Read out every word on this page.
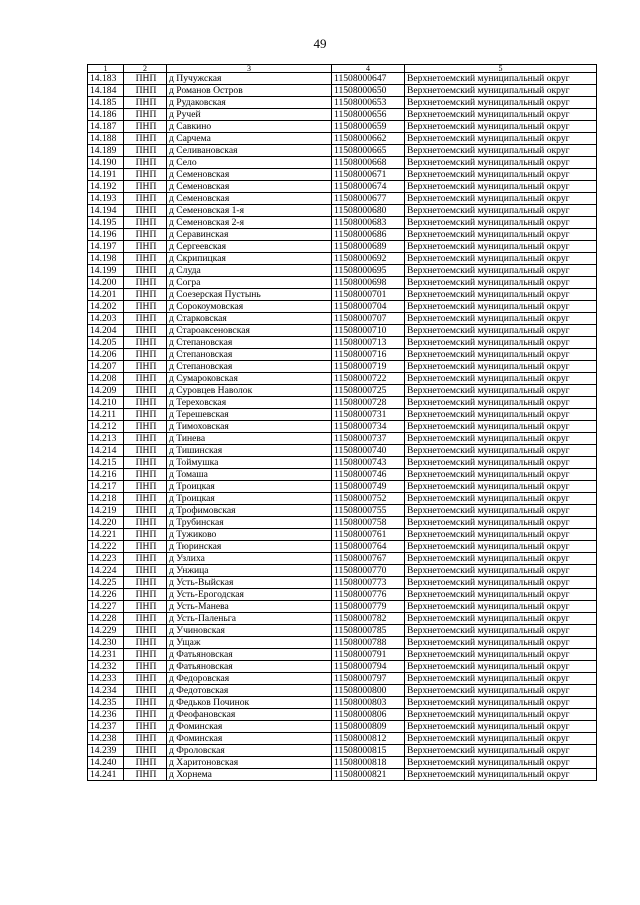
49
1	2	3	4	5
14.183	ПНП	д Пучужская	11508000647	Верхнетоемский муниципальный округ
14.184	ПНП	д Романов Остров	11508000650	Верхнетоемский муниципальный округ
14.185	ПНП	д Рудаковская	11508000653	Верхнетоемский муниципальный округ
14.186	ПНП	д Ручей	11508000656	Верхнетоемский муниципальный округ
14.187	ПНП	д Савкино	11508000659	Верхнетоемский муниципальный округ
14.188	ПНП	д Сарчема	11508000662	Верхнетоемский муниципальный округ
14.189	ПНП	д Селивановская	11508000665	Верхнетоемский муниципальный округ
14.190	ПНП	д Село	11508000668	Верхнетоемский муниципальный округ
14.191	ПНП	д Семеновская	11508000671	Верхнетоемский муниципальный округ
14.192	ПНП	д Семеновская	11508000674	Верхнетоемский муниципальный округ
14.193	ПНП	д Семеновская	11508000677	Верхнетоемский муниципальный округ
14.194	ПНП	д Семеновская 1-я	11508000680	Верхнетоемский муниципальный округ
14.195	ПНП	д Семеновская 2-я	11508000683	Верхнетоемский муниципальный округ
14.196	ПНП	д Серавинская	11508000686	Верхнетоемский муниципальный округ
14.197	ПНП	д Сергеевская	11508000689	Верхнетоемский муниципальный округ
14.198	ПНП	д Скрипицкая	11508000692	Верхнетоемский муниципальный округ
14.199	ПНП	д Слуда	11508000695	Верхнетоемский муниципальный округ
14.200	ПНП	д Согра	11508000698	Верхнетоемский муниципальный округ
14.201	ПНП	д Соезерская Пустынь	11508000701	Верхнетоемский муниципальный округ
14.202	ПНП	д Сорокоумовская	11508000704	Верхнетоемский муниципальный округ
14.203	ПНП	д Старковская	11508000707	Верхнетоемский муниципальный округ
14.204	ПНП	д Староаксеновская	11508000710	Верхнетоемский муниципальный округ
14.205	ПНП	д Степановская	11508000713	Верхнетоемский муниципальный округ
14.206	ПНП	д Степановская	11508000716	Верхнетоемский муниципальный округ
14.207	ПНП	д Степановская	11508000719	Верхнетоемский муниципальный округ
14.208	ПНП	д Сумароковская	11508000722	Верхнетоемский муниципальный округ
14.209	ПНП	д Суровцев Наволок	11508000725	Верхнетоемский муниципальный округ
14.210	ПНП	д Тереховская	11508000728	Верхнетоемский муниципальный округ
14.211	ПНП	д Терешевская	11508000731	Верхнетоемский муниципальный округ
14.212	ПНП	д Тимоховская	11508000734	Верхнетоемский муниципальный округ
14.213	ПНП	д Тинева	11508000737	Верхнетоемский муниципальный округ
14.214	ПНП	д Тишинская	11508000740	Верхнетоемский муниципальный округ
14.215	ПНП	д Тоймушка	11508000743	Верхнетоемский муниципальный округ
14.216	ПНП	д Томаша	11508000746	Верхнетоемский муниципальный округ
14.217	ПНП	д Троицкая	11508000749	Верхнетоемский муниципальный округ
14.218	ПНП	д Троицкая	11508000752	Верхнетоемский муниципальный округ
14.219	ПНП	д Трофимовская	11508000755	Верхнетоемский муниципальный округ
14.220	ПНП	д Трубинская	11508000758	Верхнетоемский муниципальный округ
14.221	ПНП	д Тужиково	11508000761	Верхнетоемский муниципальный округ
14.222	ПНП	д Тюринская	11508000764	Верхнетоемский муниципальный округ
14.223	ПНП	д Узлиха	11508000767	Верхнетоемский муниципальный округ
14.224	ПНП	д Унжица	11508000770	Верхнетоемский муниципальный округ
14.225	ПНП	д Усть-Выйская	11508000773	Верхнетоемский муниципальный округ
14.226	ПНП	д Усть-Ерогодская	11508000776	Верхнетоемский муниципальный округ
14.227	ПНП	д Усть-Манева	11508000779	Верхнетоемский муниципальный округ
14.228	ПНП	д Усть-Паленьга	11508000782	Верхнетоемский муниципальный округ
14.229	ПНП	д Учиновская	11508000785	Верхнетоемский муниципальный округ
14.230	ПНП	д Ущаж	11508000788	Верхнетоемский муниципальный округ
14.231	ПНП	д Фатьяновская	11508000791	Верхнетоемский муниципальный округ
14.232	ПНП	д Фатьяновская	11508000794	Верхнетоемский муниципальный округ
14.233	ПНП	д Федоровская	11508000797	Верхнетоемский муниципальный округ
14.234	ПНП	д Федотовская	11508000800	Верхнетоемский муниципальный округ
14.235	ПНП	д Федьков Починок	11508000803	Верхнетоемский муниципальный округ
14.236	ПНП	д Феофановская	11508000806	Верхнетоемский муниципальный округ
14.237	ПНП	д Фоминская	11508000809	Верхнетоемский муниципальный округ
14.238	ПНП	д Фоминская	11508000812	Верхнетоемский муниципальный округ
14.239	ПНП	д Фроловская	11508000815	Верхнетоемский муниципальный округ
14.240	ПНП	д Харитоновская	11508000818	Верхнетоемский муниципальный округ
14.241	ПНП	д Хорнема	11508000821	Верхнетоемский муниципальный округ
